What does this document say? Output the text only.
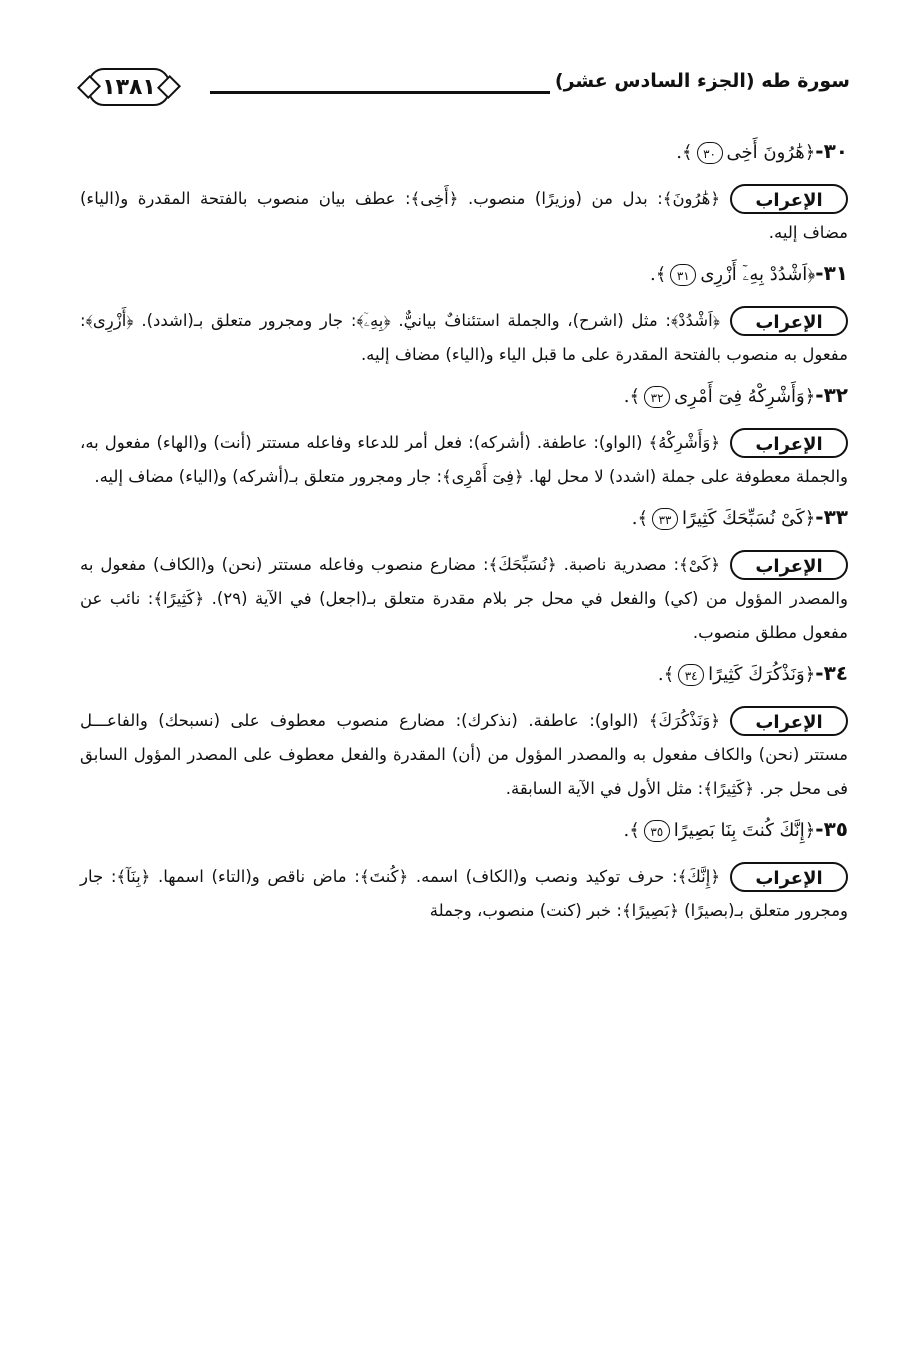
١٣٨١	سورة طه (الجزء السادس عشر)
٣٠-﴿هَٰرُونَ أَخِى٣٠﴾.
الإعراب
﴿هَٰرُونَ﴾: بدل من (وزيرًا) منصوب. ﴿أَخِى﴾: عطف بيان منصوب بالفتحة المقدرة و(الياء) مضاف إليه.
٣١-﴿اَشْدُدْ بِهِۦٓ أَزْرِى٣١﴾.
الإعراب
﴿اَشْدُدْ﴾: مثل (اشرح)، والجملة استئنافٌ بيانيٌّ. ﴿بِهِۦٓ﴾: جار ومجرور متعلق بـ(اشدد). ﴿أَزْرِى﴾: مفعول به منصوب بالفتحة المقدرة على ما قبل الياء و(الياء) مضاف إليه.
٣٢-﴿وَأَشْرِكْهُ فِىٓ أَمْرِى٣٢﴾.
الإعراب
﴿وَأَشْرِكْهُ﴾ (الواو): عاطفة. (أشركه): فعل أمر للدعاء وفاعله مستتر (أنت) و(الهاء) مفعول به، والجملة معطوفة على جملة (اشدد) لا محل لها. ﴿فِىٓ أَمْرِى﴾: جار ومجرور متعلق بـ(أشركه) و(الياء) مضاف إليه.
٣٣-﴿كَىْ نُسَبِّحَكَ كَثِيرًا٣٣﴾.
الإعراب
﴿كَىْ﴾: مصدرية ناصبة. ﴿نُسَبِّحَكَ﴾: مضارع منصوب وفاعله مستتر (نحن) و(الكاف) مفعول به والمصدر المؤول من (كي) والفعل في محل جر بلام مقدرة متعلق بـ(اجعل) في الآية (٢٩). ﴿كَثِيرًا﴾: نائب عن مفعول مطلق منصوب.
٣٤-﴿وَنَذْكُرَكَ كَثِيرًا٣٤﴾.
الإعراب
﴿وَنَذْكُرَكَ﴾ (الواو): عاطفة. (نذكرك): مضارع منصوب معطوف على (نسبحك) والفاعـــل مستتر (نحن) والكاف مفعول به والمصدر المؤول من (أن) المقدرة والفعل معطوف على المصدر المؤول السابق فى محل جر. ﴿كَثِيرًا﴾: مثل الأول في الآية السابقة.
٣٥-﴿إِنَّكَ كُنتَ بِنَا بَصِيرًا٣٥﴾.
الإعراب
﴿إِنَّكَ﴾: حرف توكيد ونصب و(الكاف) اسمه. ﴿كُنتَ﴾: ماض ناقص و(التاء) اسمها. ﴿بِنَآ﴾: جار ومجرور متعلق بـ(بصيرًا) ﴿بَصِيرًا﴾: خبر (كنت) منصوب، وجملة
